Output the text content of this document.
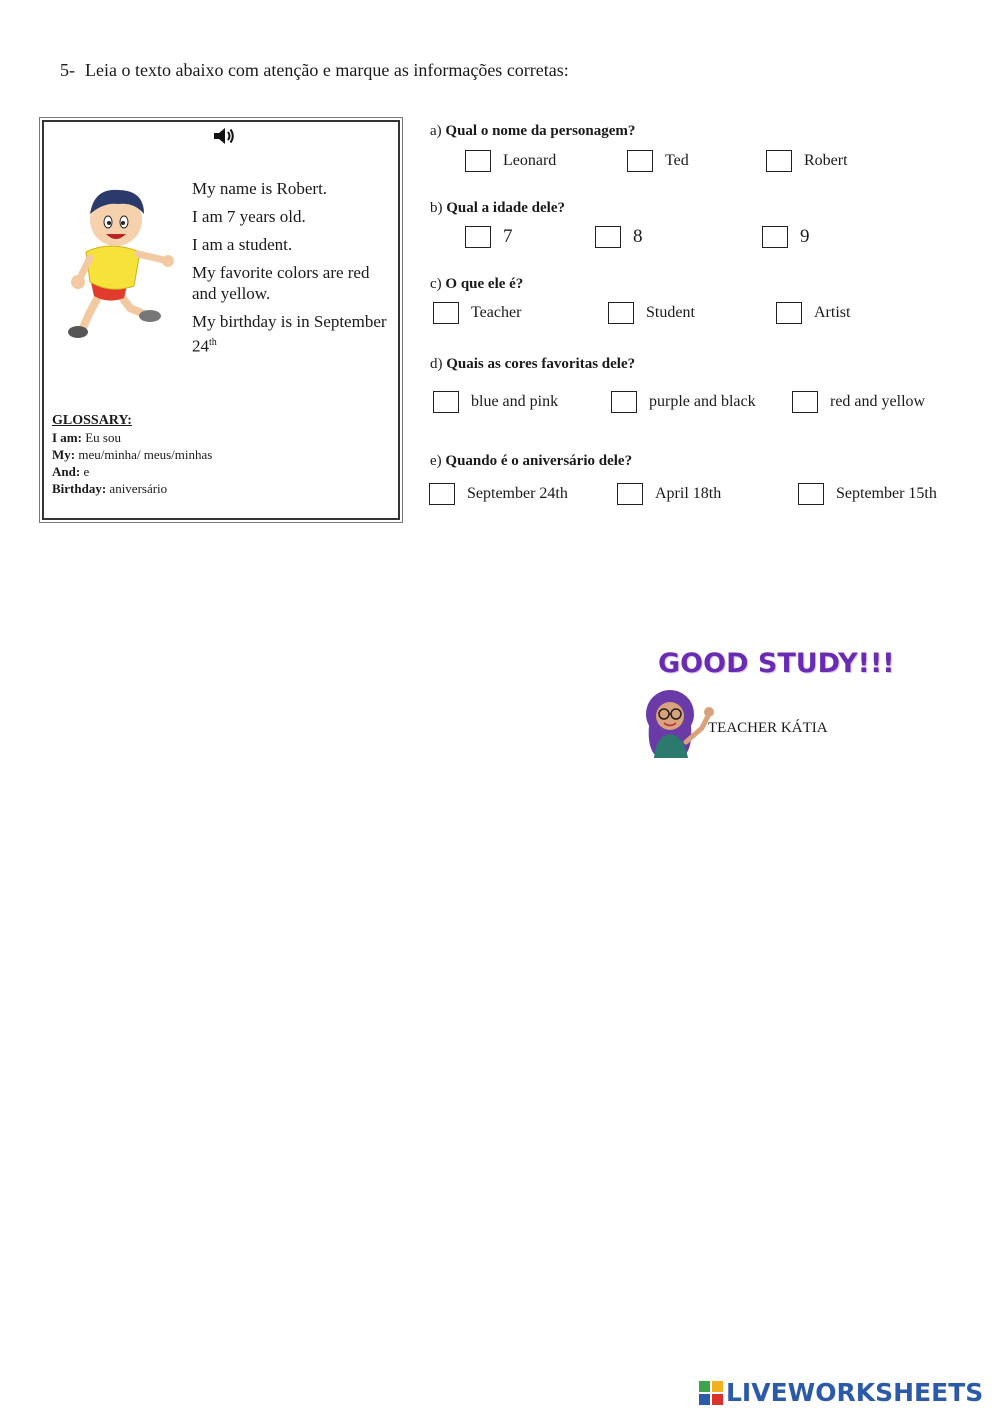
5- Leia o texto abaixo com atenção e marque as informações corretas:

My name is Robert.

I am 7 years old.

I am a student.

My favorite colors are red and yellow.

My birthday is in September 24th

GLOSSARY:
I am: Eu sou
My: meu/minha/ meus/minhas
And: e
Birthday: aniversário
a) Qual o nome da personagem?
Leonard	Ted	Robert
b) Qual a idade dele?
7	8	9
c) O que ele é?
Teacher	Student	Artist
d) Quais as cores favoritas dele?
blue and pink	purple and black	red and yellow
e) Quando é o aniversário dele?
September 24th	April 18th	September 15th
GOOD STUDY!!!
TEACHER KÁTIA
LIVEWORKSHEETS
